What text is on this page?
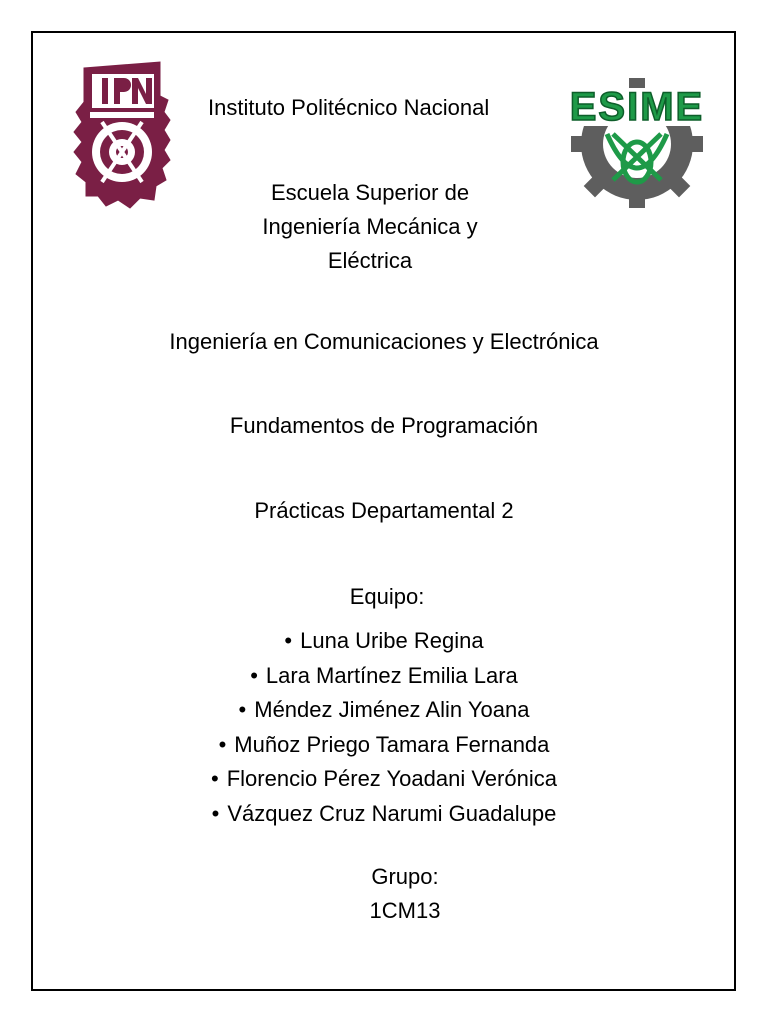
Instituto Politécnico Nacional	ESIME
Escuela Superior de
Ingeniería Mecánica y
Eléctrica
Ingeniería en Comunicaciones y Electrónica
Fundamentos de Programación
Prácticas Departamental 2
Equipo:
• Luna Uribe Regina
• Lara Martínez Emilia Lara
• Méndez Jiménez Alin Yoana
• Muñoz Priego Tamara Fernanda
• Florencio Pérez Yoadani Verónica
• Vázquez Cruz Narumi Guadalupe
Grupo:
1CM13
